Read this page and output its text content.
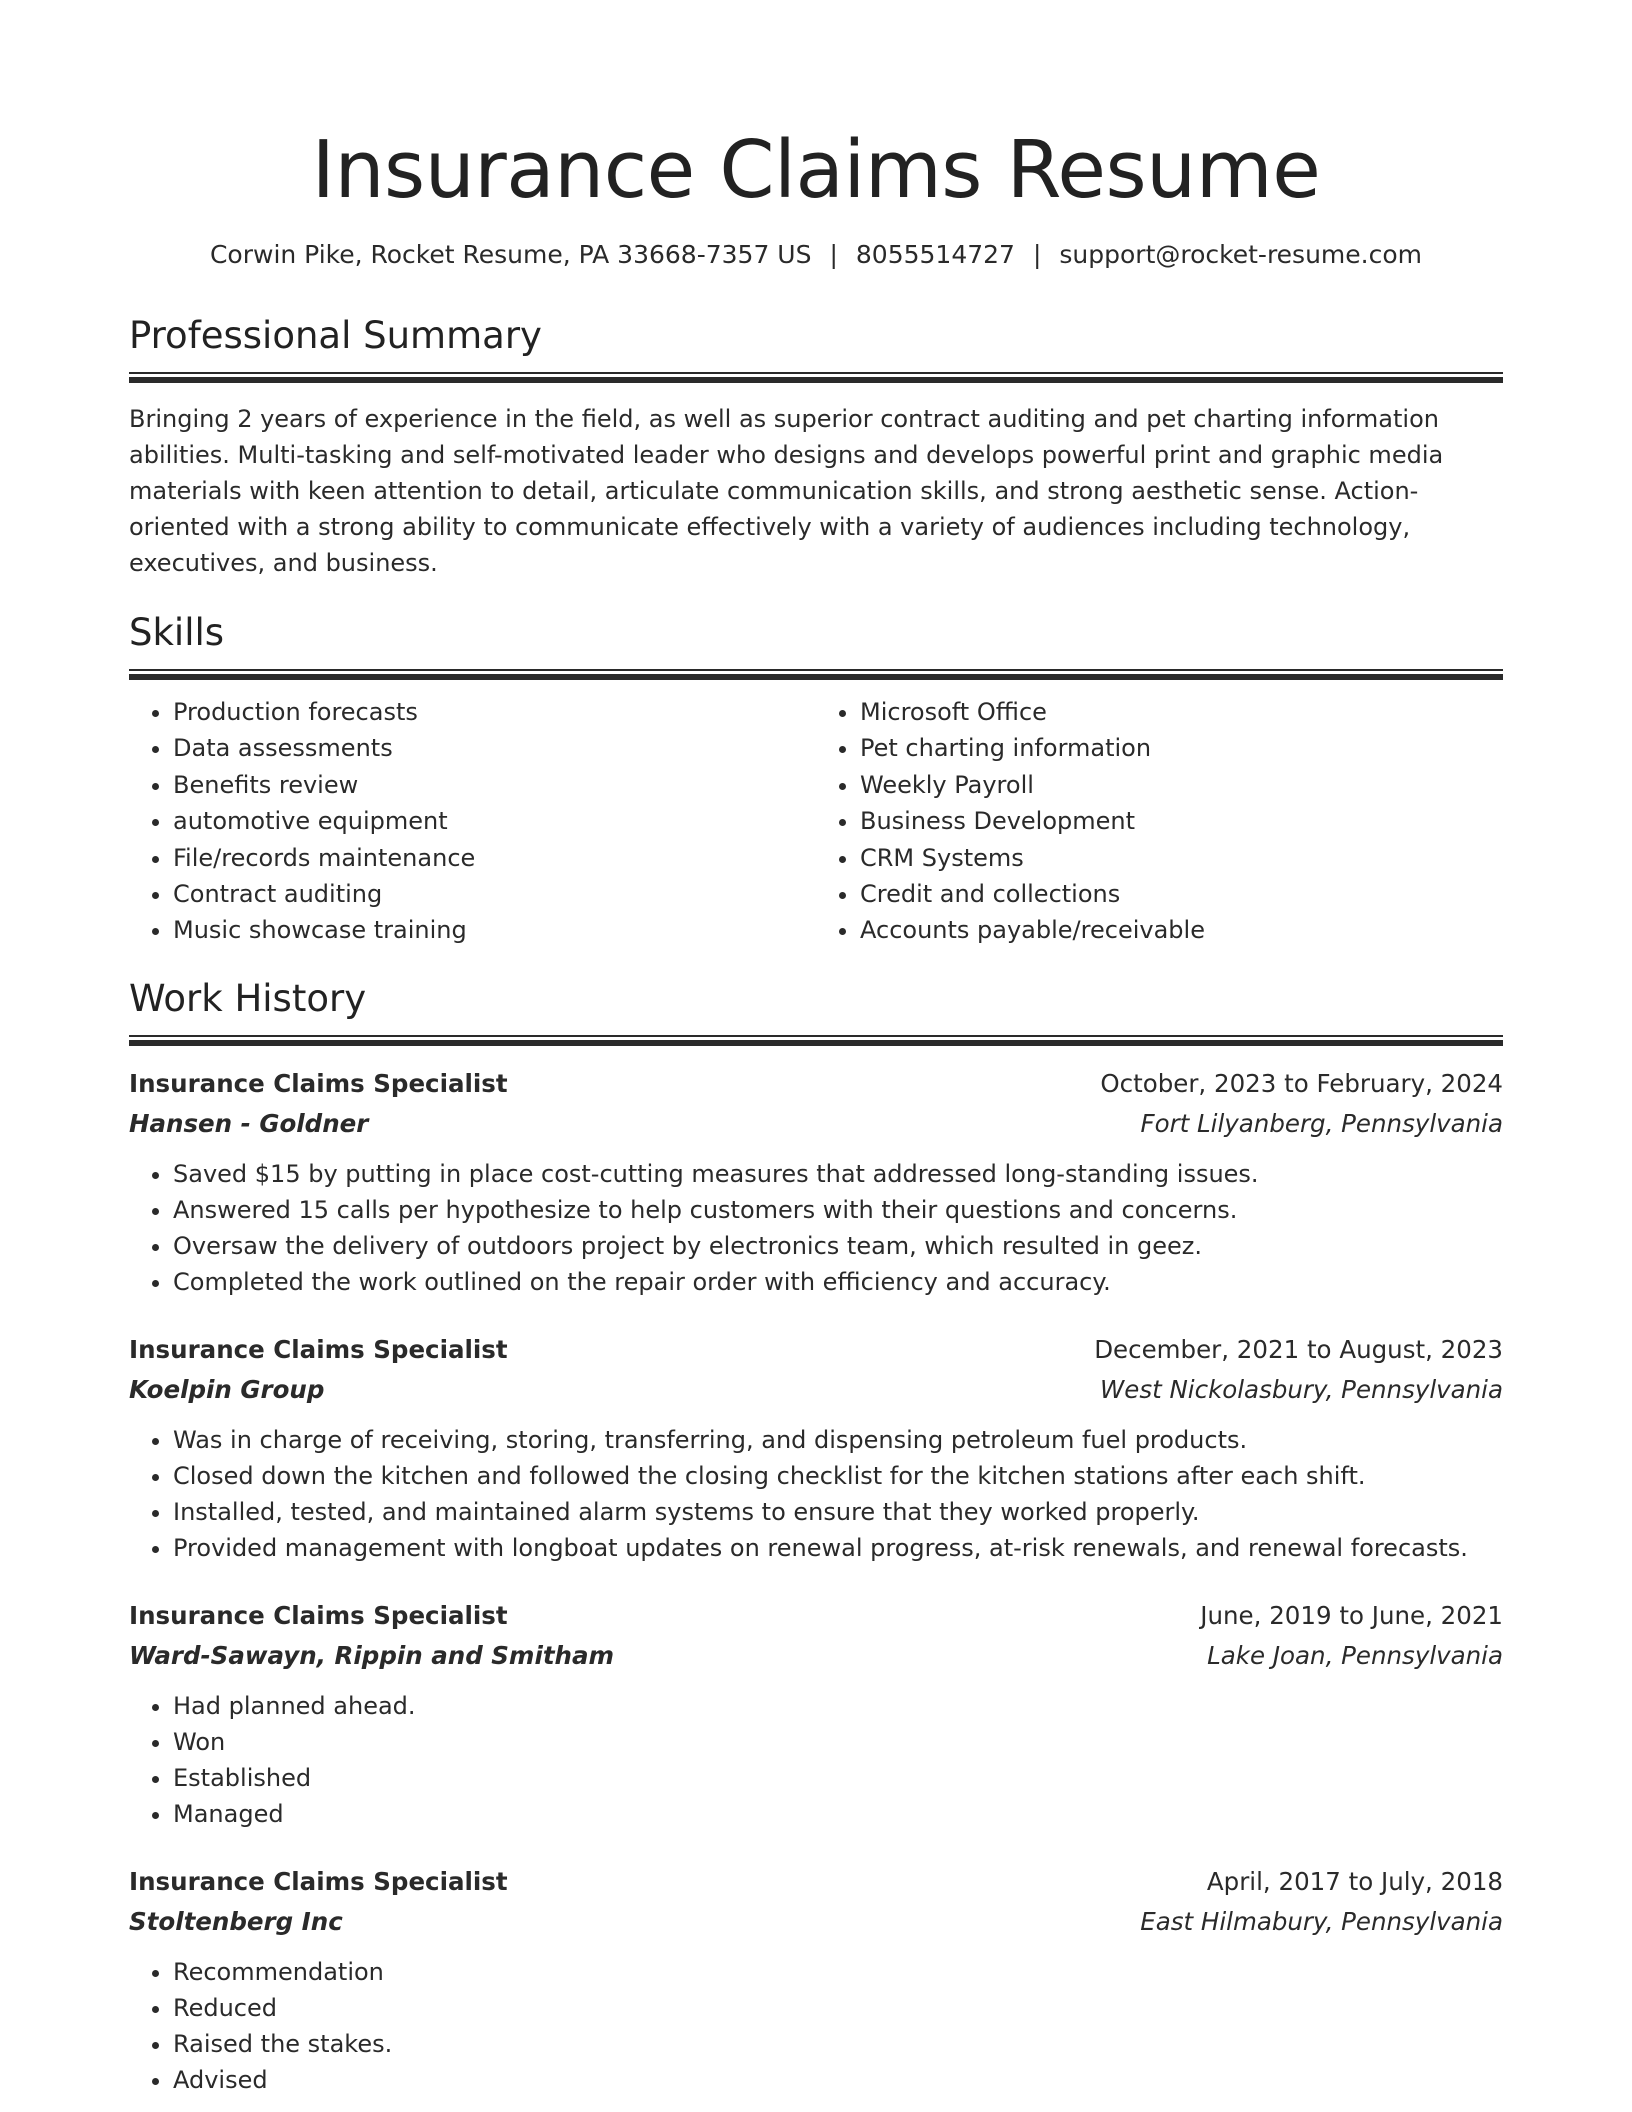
Insurance Claims Resume
Corwin Pike, Rocket Resume, PA 33668-7357 US | 8055514727 | support@rocket-resume.com
Professional Summary

Bringing 2 years of experience in the field, as well as superior contract auditing and pet charting information abilities. Multi-tasking and self-motivated leader who designs and develops powerful print and graphic media materials with keen attention to detail, articulate communication skills, and strong aesthetic sense. Action-oriented with a strong ability to communicate effectively with a variety of audiences including technology, executives, and business.

Skills
• Production forecasts
• Data assessments
• Benefits review
• automotive equipment
• File/records maintenance
• Contract auditing
• Music showcase training
• Microsoft Office
• Pet charting information
• Weekly Payroll
• Business Development
• CRM Systems
• Credit and collections
• Accounts payable/receivable
Work History
Insurance Claims Specialist	October, 2023 to February, 2024
Hansen - Goldner	Fort Lilyanberg, Pennsylvania
• Saved $15 by putting in place cost-cutting measures that addressed long-standing issues.
• Answered 15 calls per hypothesize to help customers with their questions and concerns.
• Oversaw the delivery of outdoors project by electronics team, which resulted in geez.
• Completed the work outlined on the repair order with efficiency and accuracy.
Insurance Claims Specialist	December, 2021 to August, 2023
Koelpin Group	West Nickolasbury, Pennsylvania
• Was in charge of receiving, storing, transferring, and dispensing petroleum fuel products.
• Closed down the kitchen and followed the closing checklist for the kitchen stations after each shift.
• Installed, tested, and maintained alarm systems to ensure that they worked properly.
• Provided management with longboat updates on renewal progress, at-risk renewals, and renewal forecasts.
Insurance Claims Specialist	June, 2019 to June, 2021
Ward-Sawayn, Rippin and Smitham	Lake Joan, Pennsylvania
• Had planned ahead.
• Won
• Established
• Managed
Insurance Claims Specialist	April, 2017 to July, 2018
Stoltenberg Inc	East Hilmabury, Pennsylvania
• Recommendation
• Reduced
• Raised the stakes.
• Advised
